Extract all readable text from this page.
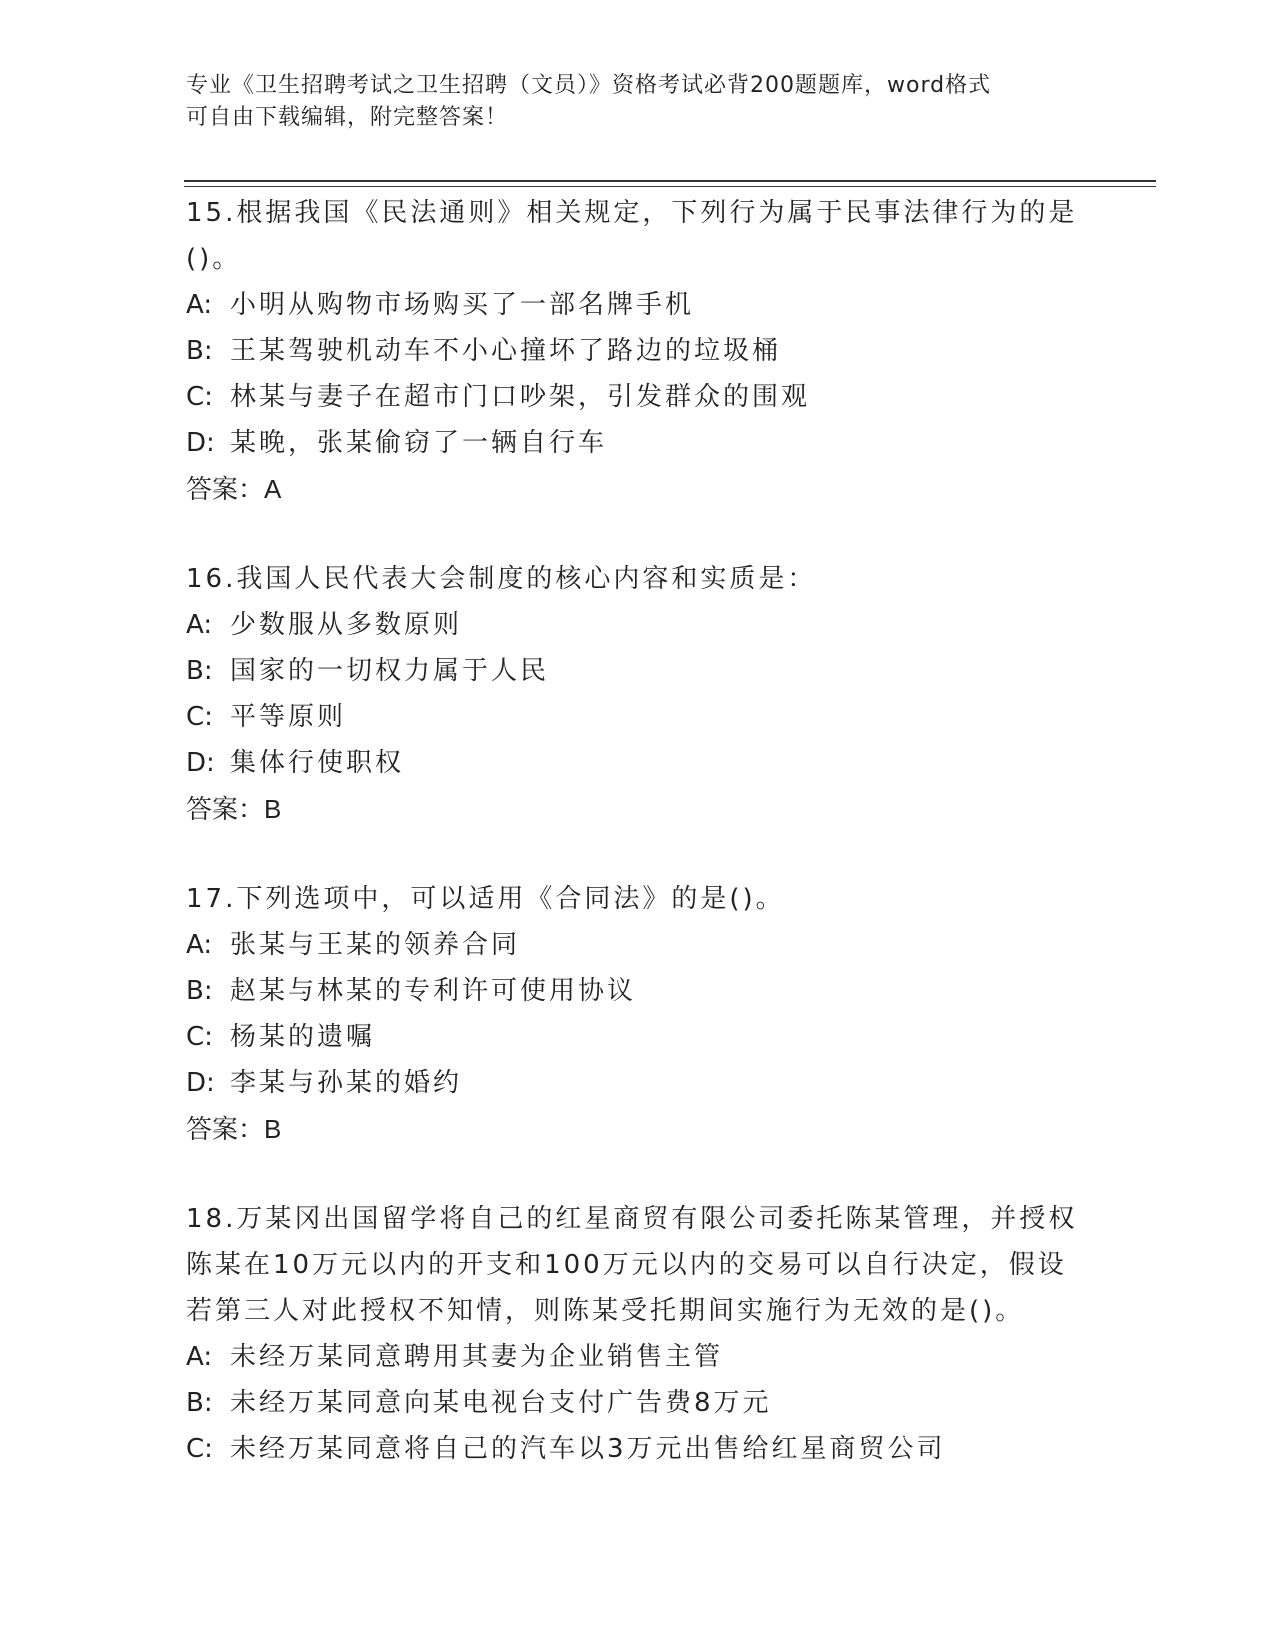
专业《卫生招聘考试之卫生招聘（文员）》资格考试必背200题题库，word格式
可自由下载编辑，附完整答案！
15.根据我国《民法通则》相关规定，下列行为属于民事法律行为的是
()。
A: 小明从购物市场购买了一部名牌手机
B: 王某驾驶机动车不小心撞坏了路边的垃圾桶
C: 林某与妻子在超市门口吵架，引发群众的围观
D: 某晚，张某偷窃了一辆自行车
答案：A
16.我国人民代表大会制度的核心内容和实质是：
A: 少数服从多数原则
B: 国家的一切权力属于人民
C: 平等原则
D: 集体行使职权
答案：B
17.下列选项中，可以适用《合同法》的是()。
A: 张某与王某的领养合同
B: 赵某与林某的专利许可使用协议
C: 杨某的遗嘱
D: 李某与孙某的婚约
答案：B
18.万某冈出国留学将自己的红星商贸有限公司委托陈某管理，并授权
陈某在10万元以内的开支和100万元以内的交易可以自行决定，假设
若第三人对此授权不知情，则陈某受托期间实施行为无效的是()。
A: 未经万某同意聘用其妻为企业销售主管
B: 未经万某同意向某电视台支付广告费8万元
C: 未经万某同意将自己的汽车以3万元出售给红星商贸公司
